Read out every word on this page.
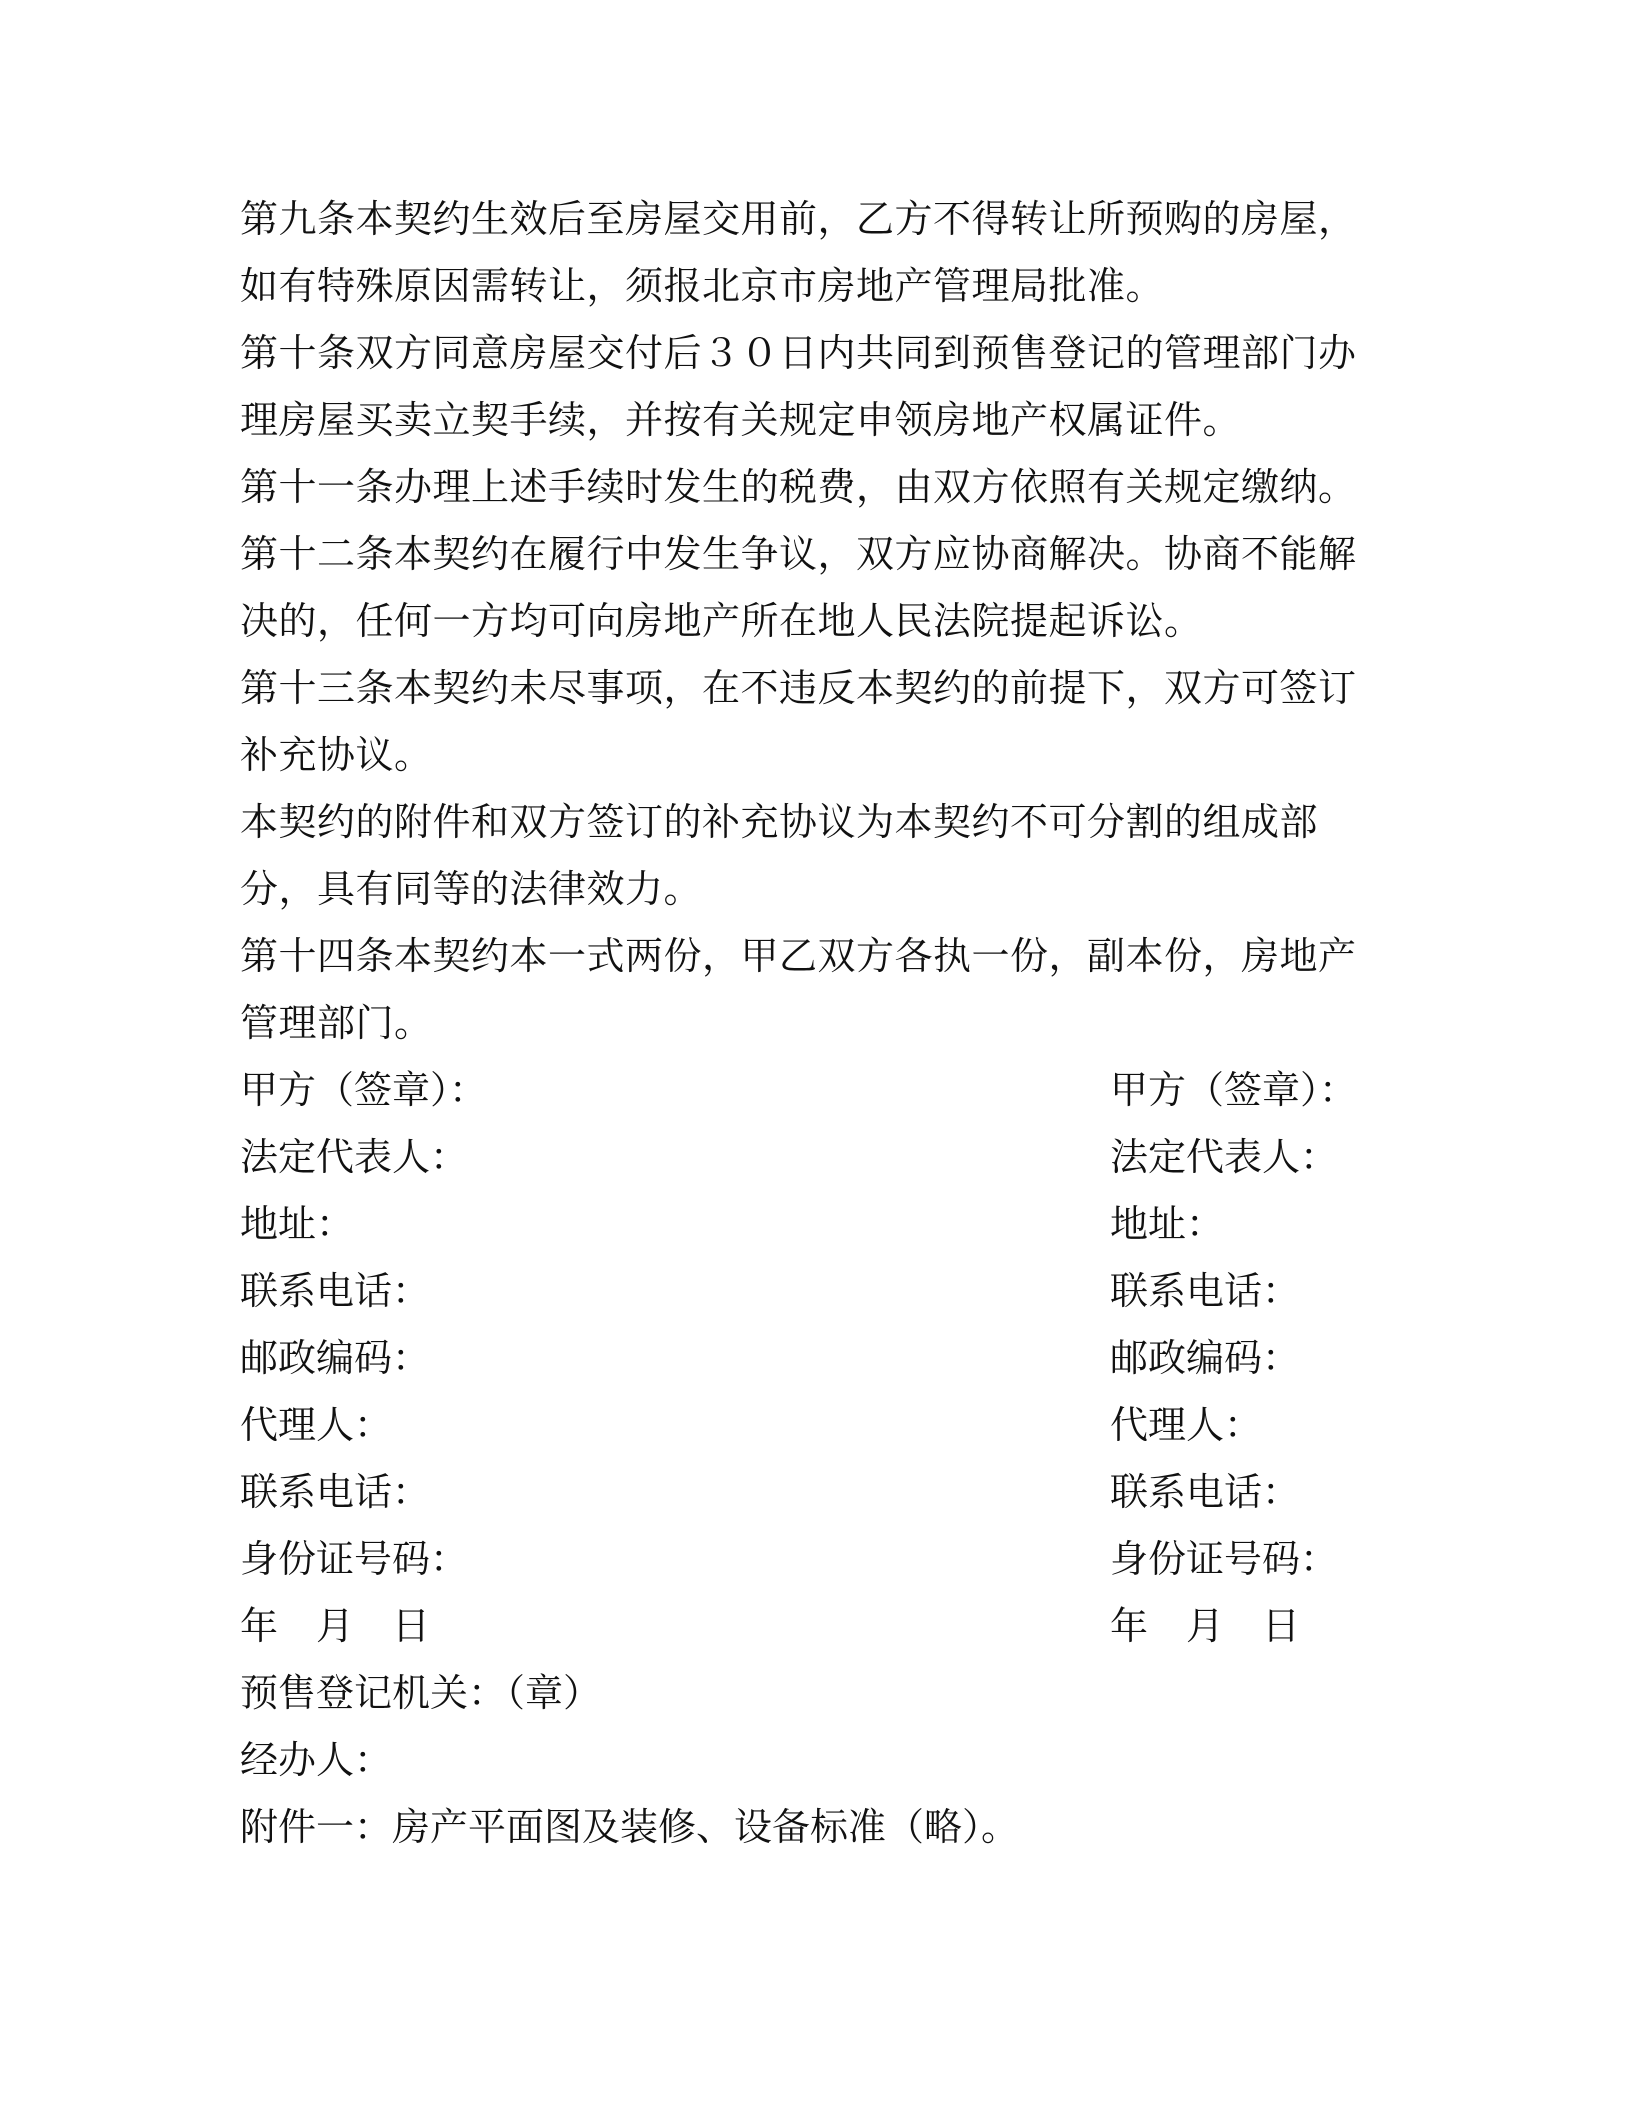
第九条本契约生效后至房屋交用前，乙方不得转让所预购的房屋，如有特殊原因需转让，须报北京市房地产管理局批准。

第十条双方同意房屋交付后３０日内共同到预售登记的管理部门办理房屋买卖立契手续，并按有关规定申领房地产权属证件。

第十一条办理上述手续时发生的税费，由双方依照有关规定缴纳。

第十二条本契约在履行中发生争议，双方应协商解决。协商不能解决的，任何一方均可向房地产所在地人民法院提起诉讼。

第十三条本契约未尽事项，在不违反本契约的前提下，双方可签订补充协议。

本契约的附件和双方签订的补充协议为本契约不可分割的组成部分，具有同等的法律效力。

第十四条本契约本一式两份，甲乙双方各执一份，副本份，房地产管理部门。

甲方（签章）：	甲方（签章）：
法定代表人：	法定代表人：
地址：	地址：
联系电话：	联系电话：
邮政编码：	邮政编码：
代理人：	代理人：
联系电话：	联系电话：
身份证号码：	身份证号码：
年　月　日	年　月　日

预售登记机关：（章）

经办人：

附件一：房产平面图及装修、设备标准（略）。
